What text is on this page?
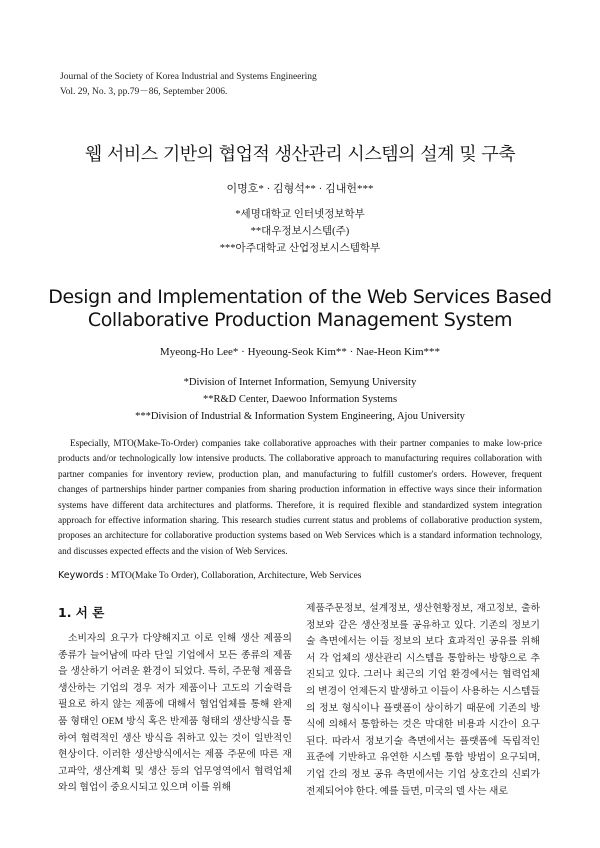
Journal of the Society of Korea Industrial and Systems Engineering
Vol. 29, No. 3, pp.79－86, September 2006.
웹 서비스 기반의 협업적 생산관리 시스템의 설계 및 구축
이명호* · 김형석** · 김내헌***
*세명대학교 인터넷정보학부
**대우정보시스템(주)
***아주대학교 산업정보시스템학부
Design and Implementation of the Web Services Based
Collaborative Production Management System
Myeong-Ho Lee* · Hyeoung-Seok Kim** · Nae-Heon Kim***
*Division of Internet Information, Semyung University
**R&D Center, Daewoo Information Systems
***Division of Industrial & Information System Engineering, Ajou University

Especially, MTO(Make-To-Order) companies take collaborative approaches with their partner companies to make low-price products and/or technologically low intensive products. The collaborative approach to manufacturing requires collaboration with partner companies for inventory review, production plan, and manufacturing to fulfill customer's orders. However, frequent changes of partnerships hinder partner companies from sharing production information in effective ways since their information systems have different data architectures and platforms. Therefore, it is required flexible and standardized system integration approach for effective information sharing. This research studies current status and problems of collaborative production system, proposes an architecture for collaborative production systems based on Web Services which is a standard information technology, and discusses expected effects and the vision of Web Services.

Keywords : MTO(Make To Order), Collaboration, Architecture, Web Services
1. 서 론

소비자의 요구가 다양해지고 이로 인해 생산 제품의 종류가 늘어남에 따라 단일 기업에서 모든 종류의 제품을 생산하기 어려운 환경이 되었다. 특히, 주문형 제품을 생산하는 기업의 경우 저가 제품이나 고도의 기술력을 필요로 하지 않는 제품에 대해서 협업업체를 통해 완제품 형태인 OEM 방식 혹은 반제품 형태의 생산방식을 통하여 협력적인 생산 방식을 취하고 있는 것이 일반적인 현상이다. 이러한 생산방식에서는 제품 주문에 따른 재고파악, 생산계획 및 생산 등의 업무영역에서 협력업체와의 협업이 중요시되고 있으며 이를 위해

제품주문정보, 설계정보, 생산현황정보, 재고정보, 출하정보와 같은 생산정보를 공유하고 있다. 기존의 정보기술 측면에서는 이들 정보의 보다 효과적인 공유를 위해서 각 업체의 생산관리 시스템을 통합하는 방향으로 추진되고 있다. 그러나 최근의 기업 환경에서는 협력업체의 변경이 언제든지 발생하고 이들이 사용하는 시스템들의 정보 형식이나 플랫폼이 상이하기 때문에 기존의 방식에 의해서 통합하는 것은 막대한 비용과 시간이 요구된다. 따라서 정보기술 측면에서는 플랫폼에 독립적인 표준에 기반하고 유연한 시스템 통합 방법이 요구되며, 기업 간의 정보 공유 측면에서는 기업 상호간의 신뢰가 전제되어야 한다. 예를 들면, 미국의 델 사는 새로
